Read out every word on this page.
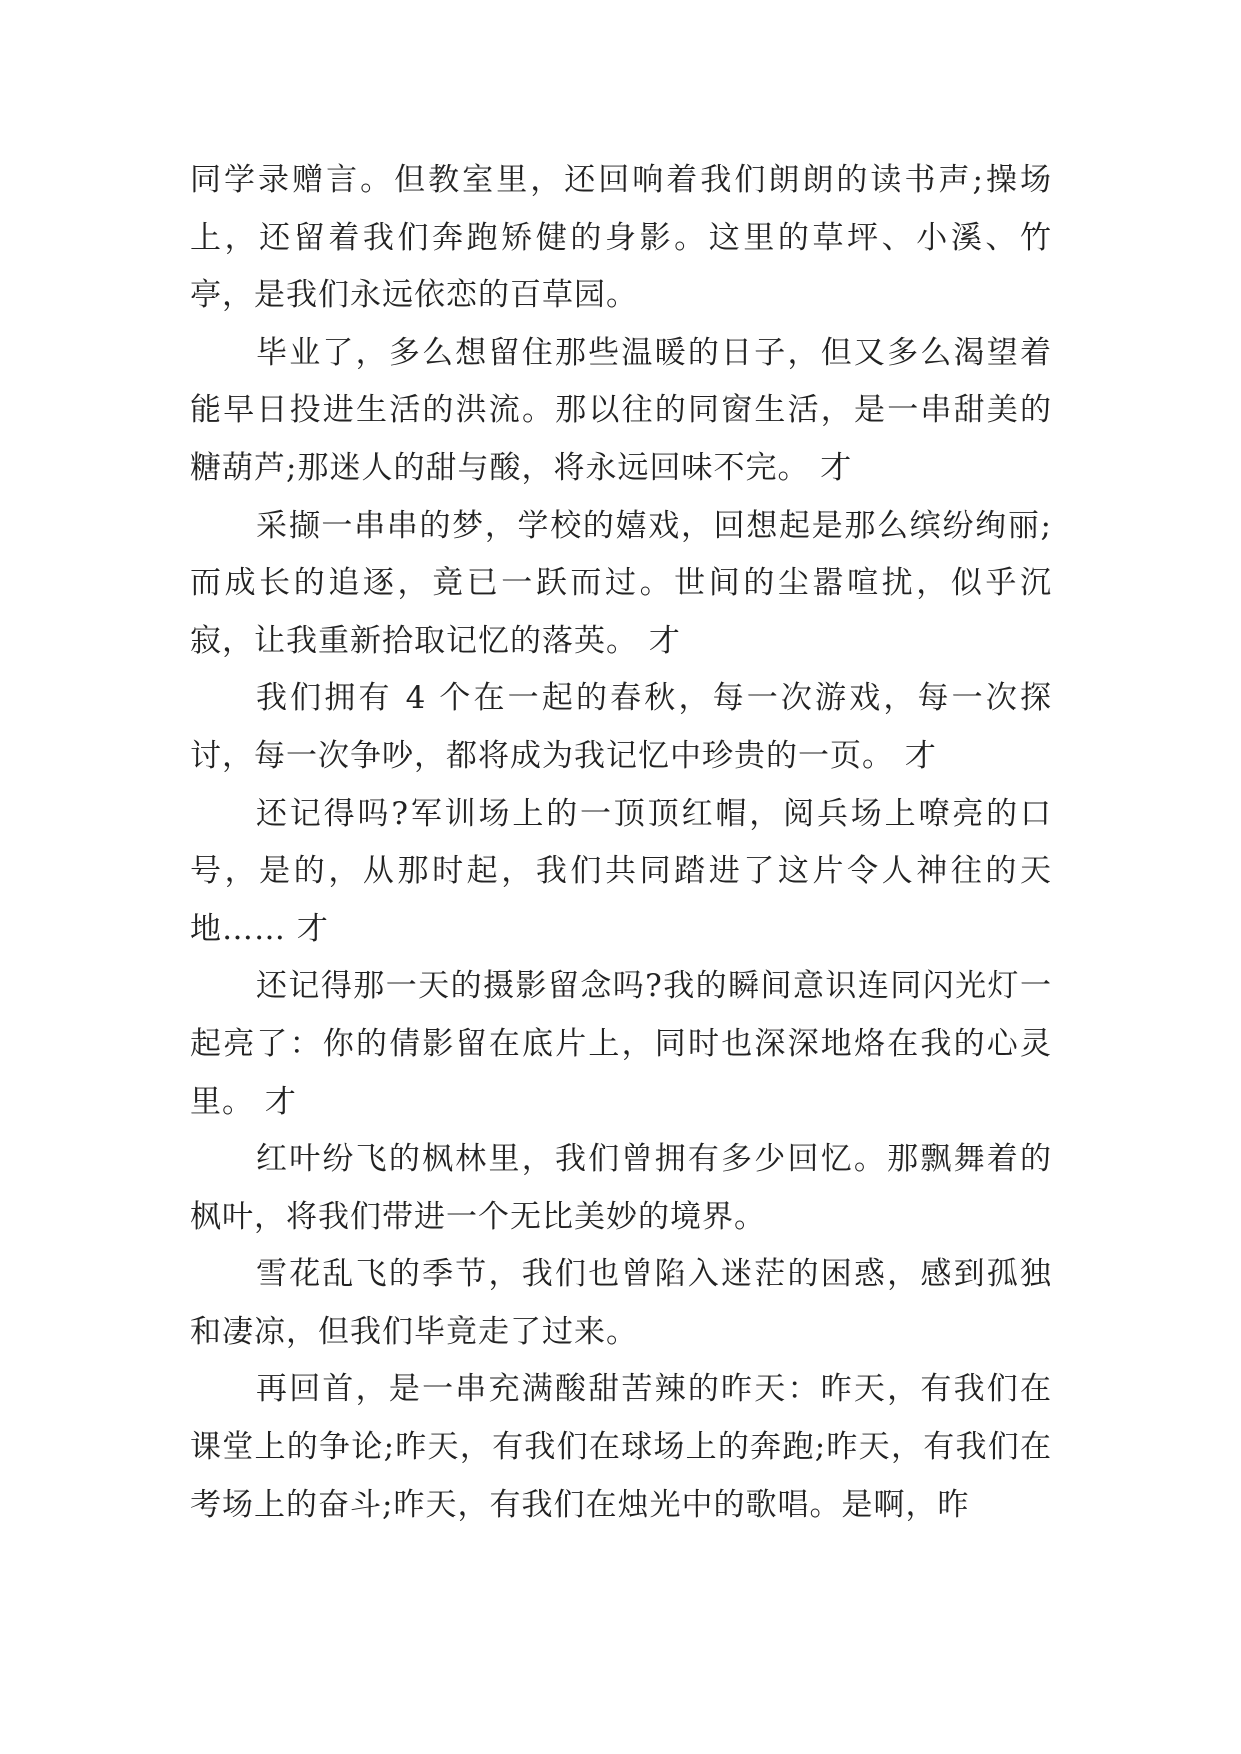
同学录赠言。但教室里，还回响着我们朗朗的读书声;操场上，还留着我们奔跑矫健的身影。这里的草坪、小溪、竹亭，是我们永远依恋的百草园。

毕业了，多么想留住那些温暖的日子，但又多么渴望着能早日投进生活的洪流。那以往的同窗生活，是一串甜美的糖葫芦;那迷人的甜与酸，将永远回味不完。 才

采撷一串串的梦，学校的嬉戏，回想起是那么缤纷绚丽;而成长的追逐，竟已一跃而过。世间的尘嚣喧扰，似乎沉寂，让我重新拾取记忆的落英。 才

我们拥有 4 个在一起的春秋，每一次游戏，每一次探讨，每一次争吵，都将成为我记忆中珍贵的一页。 才

还记得吗?军训场上的一顶顶红帽，阅兵场上嘹亮的口号，是的，从那时起，我们共同踏进了这片令人神往的天地…… 才

还记得那一天的摄影留念吗?我的瞬间意识连同闪光灯一起亮了：你的倩影留在底片上，同时也深深地烙在我的心灵里。 才

红叶纷飞的枫林里，我们曾拥有多少回忆。那飘舞着的枫叶，将我们带进一个无比美妙的境界。

雪花乱飞的季节，我们也曾陷入迷茫的困惑，感到孤独和凄凉，但我们毕竟走了过来。

再回首，是一串充满酸甜苦辣的昨天：昨天，有我们在课堂上的争论;昨天，有我们在球场上的奔跑;昨天，有我们在考场上的奋斗;昨天，有我们在烛光中的歌唱。是啊，昨
